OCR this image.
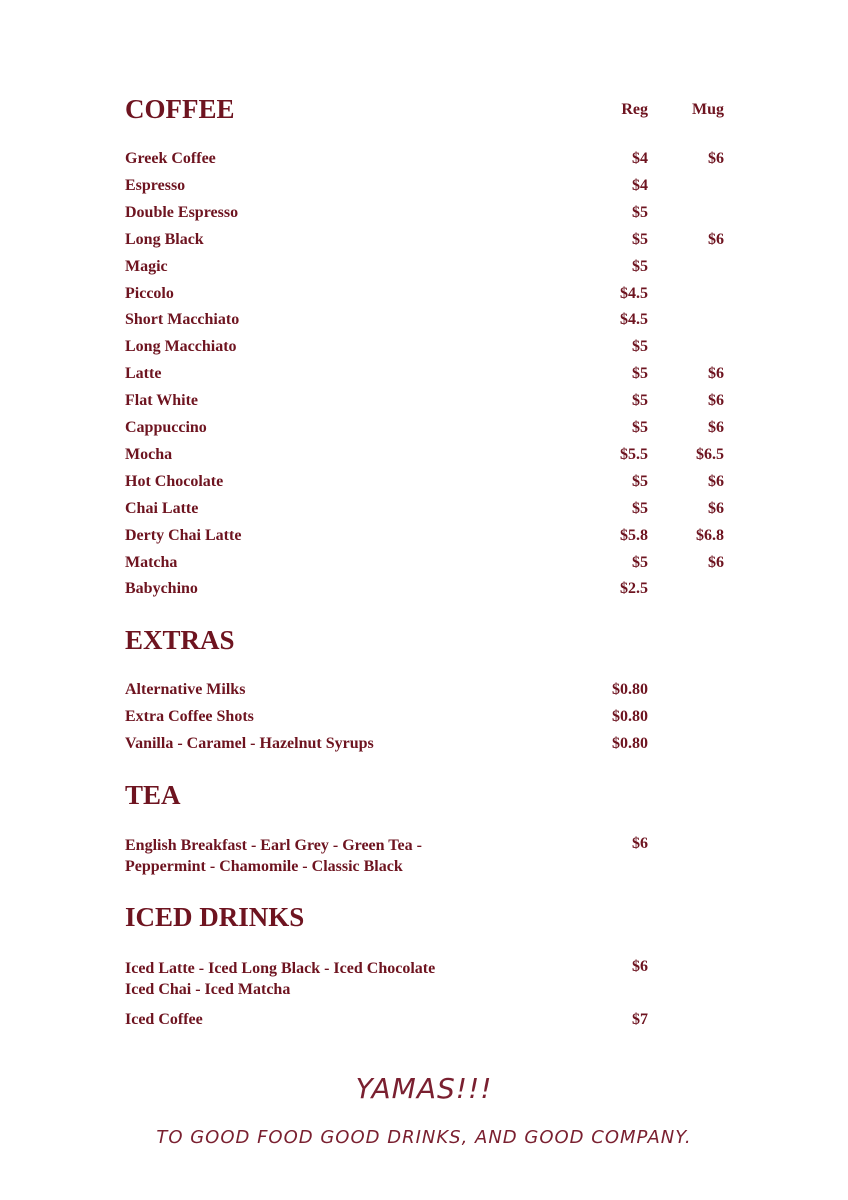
COFFEE	Reg	Mug
Greek Coffee	$4	$6
Espresso	$4
Double Espresso	$5
Long Black	$5	$6
Magic	$5
Piccolo	$4.5
Short Macchiato	$4.5
Long Macchiato	$5
Latte	$5	$6
Flat White	$5	$6
Cappuccino	$5	$6
Mocha	$5.5	$6.5
Hot Chocolate	$5	$6
Chai Latte	$5	$6
Derty Chai Latte	$5.8	$6.8
Matcha	$5	$6
Babychino	$2.5
EXTRAS
Alternative Milks	$0.80
Extra Coffee Shots	$0.80
Vanilla - Caramel - Hazelnut Syrups	$0.80
TEA
English Breakfast - Earl Grey - Green Tea -
Peppermint - Chamomile - Classic Black
$6
ICED DRINKS
Iced Latte - Iced Long Black - Iced Chocolate
Iced Chai - Iced Matcha
$6
Iced Coffee	$7
YAMAS!!!
TO GOOD FOOD GOOD DRINKS, AND GOOD COMPANY.
